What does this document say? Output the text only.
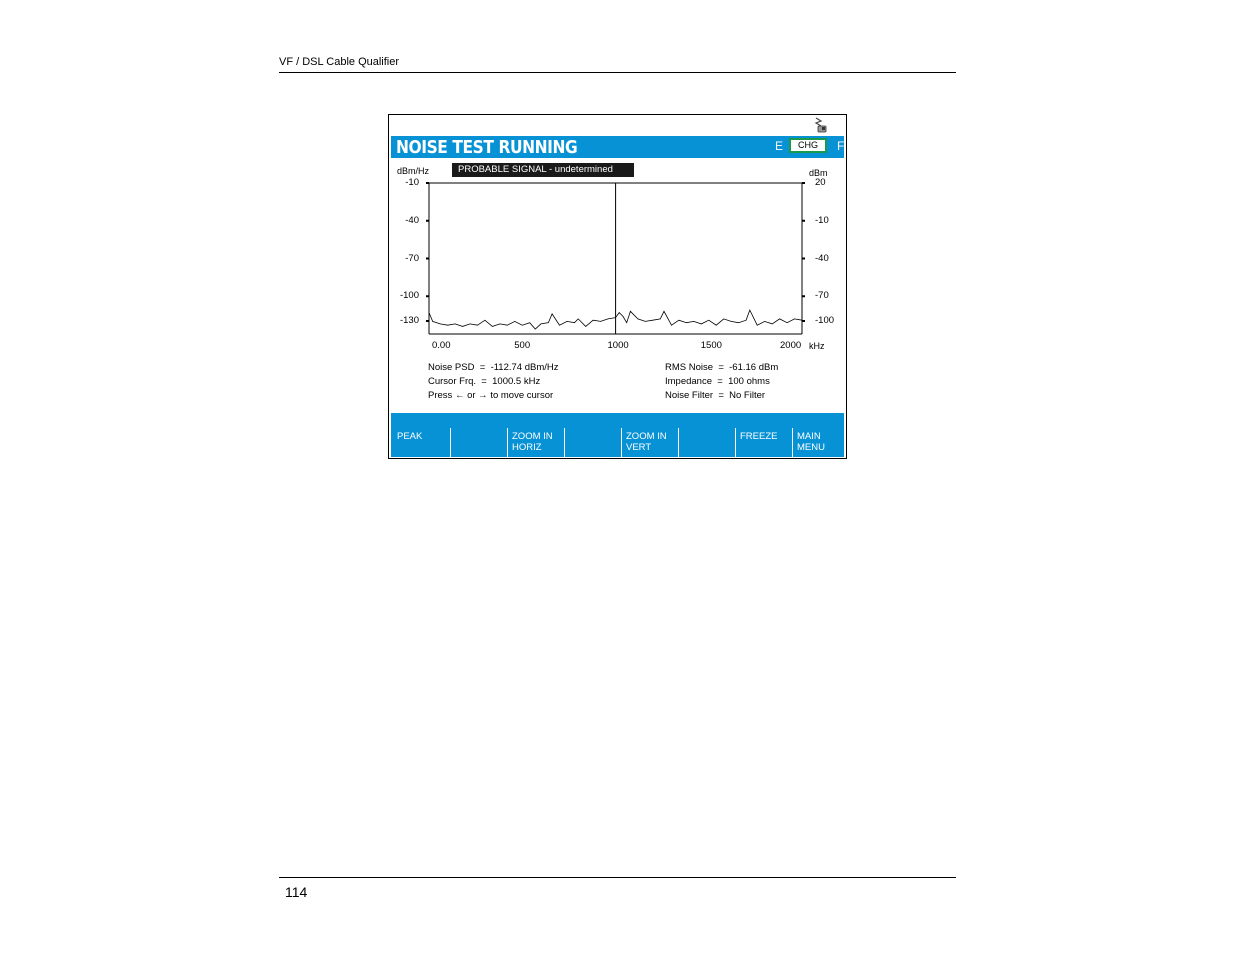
VF / DSL Cable Qualifier
NOISE TEST RUNNING	E	CHG	F
PROBABLE SIGNAL - undetermined
dBm/Hz	dBm
kHz
-10	20
-40	-10
-70	-40
-100	-70
-130	-100
0.00	500	1000	1500	2000
Noise PSD  =  -112.74 dBm/Hz
Cursor Frq.  =  1000.5 kHz
Press ← or → to move cursor
RMS Noise  =  -61.16 dBm
Impedance  =  100 ohms
Noise Filter  =  No Filter
PEAK	ZOOM IN
HORIZ
ZOOM IN
VERT
FREEZE	MAIN
MENU
114
